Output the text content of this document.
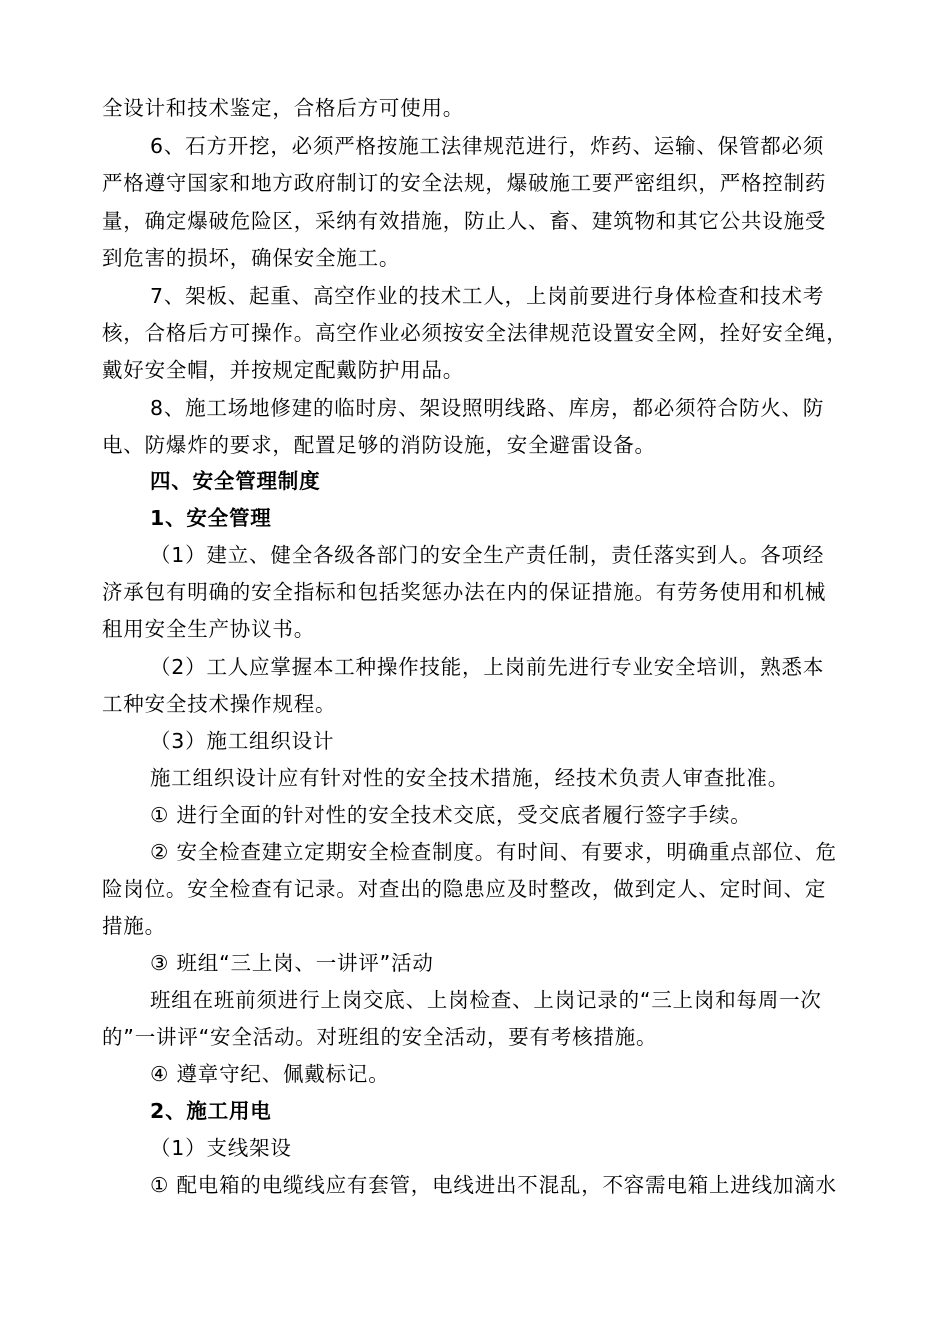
全设计和技术鉴定，合格后方可使用。
6、石方开挖，必须严格按施工法律规范进行，炸药、运输、保管都必须
严格遵守国家和地方政府制订的安全法规，爆破施工要严密组织，严格控制药
量，确定爆破危险区，采纳有效措施，防止人、畜、建筑物和其它公共设施受
到危害的损坏，确保安全施工。
7、架板、起重、高空作业的技术工人，上岗前要进行身体检查和技术考
核，合格后方可操作。高空作业必须按安全法律规范设置安全网，拴好安全绳，
戴好安全帽，并按规定配戴防护用品。
8、施工场地修建的临时房、架设照明线路、库房，都必须符合防火、防
电、防爆炸的要求，配置足够的消防设施，安全避雷设备。
四、安全管理制度
1、安全管理
（1）建立、健全各级各部门的安全生产责任制，责任落实到人。各项经
济承包有明确的安全指标和包括奖惩办法在内的保证措施。有劳务使用和机械
租用安全生产协议书。
（2）工人应掌握本工种操作技能，上岗前先进行专业安全培训，熟悉本
工种安全技术操作规程。
（3）施工组织设计
施工组织设计应有针对性的安全技术措施，经技术负责人审查批准。
① 进行全面的针对性的安全技术交底，受交底者履行签字手续。
② 安全检查建立定期安全检查制度。有时间、有要求，明确重点部位、危
险岗位。安全检查有记录。对查出的隐患应及时整改，做到定人、定时间、定
措施。
③ 班组“三上岗、一讲评”活动
班组在班前须进行上岗交底、上岗检查、上岗记录的“三上岗和每周一次
的”一讲评“安全活动。对班组的安全活动，要有考核措施。
④ 遵章守纪、佩戴标记。
2、施工用电
（1）支线架设
① 配电箱的电缆线应有套管，电线进出不混乱，不容需电箱上进线加滴水
